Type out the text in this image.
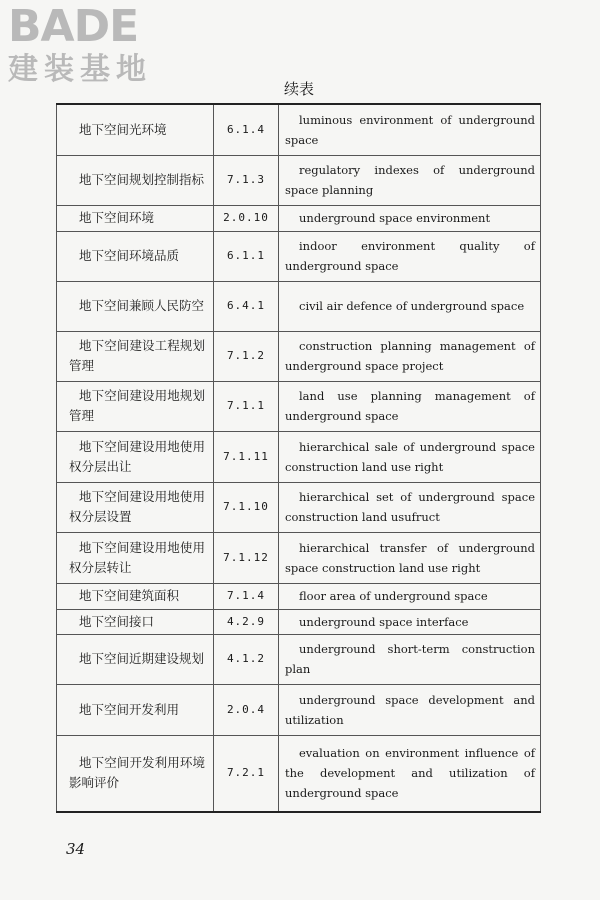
BADE
建装基地
续表
地下空间光环境	6.1.4	luminous environment of underground space
地下空间规划控制指标	7.1.3	regulatory indexes of underground space planning
地下空间环境	2.0.10	underground space environment
地下空间环境品质	6.1.1	indoor environment quality of underground space
地下空间兼顾人民防空	6.4.1	civil air defence of underground space
地下空间建设工程规划管理	7.1.2	construction planning management of underground space project
地下空间建设用地规划管理	7.1.1	land use planning management of underground space
地下空间建设用地使用权分层出让	7.1.11	hierarchical sale of underground space construction land use right
地下空间建设用地使用权分层设置	7.1.10	hierarchical set of underground space construction land usufruct
地下空间建设用地使用权分层转让	7.1.12	hierarchical transfer of underground space construction land use right
地下空间建筑面积	7.1.4	floor area of underground space
地下空间接口	4.2.9	underground space interface
地下空间近期建设规划	4.1.2	underground short-term construction plan
地下空间开发利用	2.0.4	underground space development and utilization
地下空间开发利用环境影响评价	7.2.1	evaluation on environment influence of the development and utilization of underground space
34
